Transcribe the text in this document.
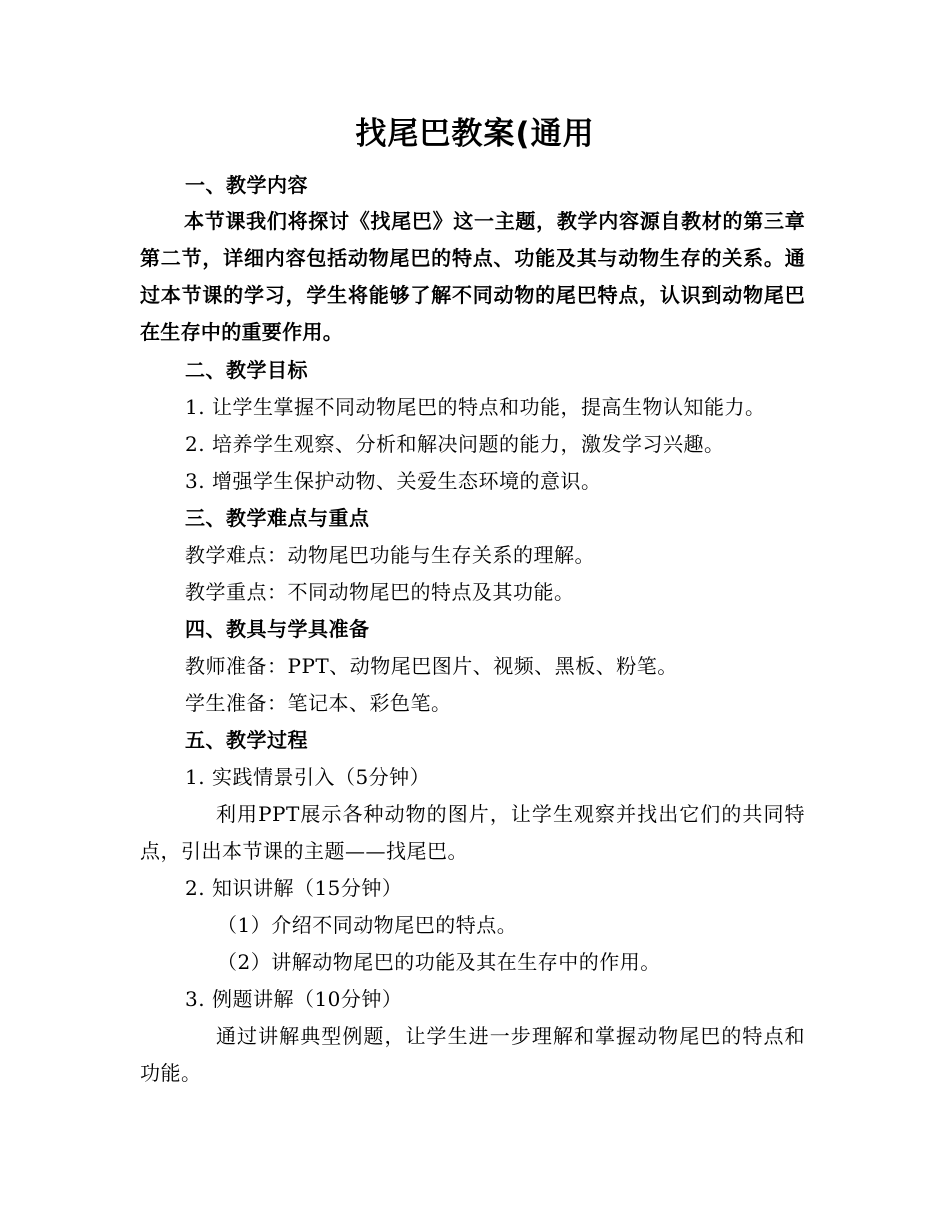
找尾巴教案(通用
一、教学内容
本节课我们将探讨《找尾巴》这一主题，教学内容源自教材的第三章第二节，详细内容包括动物尾巴的特点、功能及其与动物生存的关系。通过本节课的学习，学生将能够了解不同动物的尾巴特点，认识到动物尾巴在生存中的重要作用。
二、教学目标
1. 让学生掌握不同动物尾巴的特点和功能，提高生物认知能力。
2. 培养学生观察、分析和解决问题的能力，激发学习兴趣。
3. 增强学生保护动物、关爱生态环境的意识。
三、教学难点与重点
教学难点：动物尾巴功能与生存关系的理解。
教学重点：不同动物尾巴的特点及其功能。
四、教具与学具准备
教师准备：PPT、动物尾巴图片、视频、黑板、粉笔。
学生准备：笔记本、彩色笔。
五、教学过程
1. 实践情景引入（5分钟）
利用PPT展示各种动物的图片，让学生观察并找出它们的共同特点，引出本节课的主题——找尾巴。
2. 知识讲解（15分钟）
（1）介绍不同动物尾巴的特点。
（2）讲解动物尾巴的功能及其在生存中的作用。
3. 例题讲解（10分钟）
通过讲解典型例题，让学生进一步理解和掌握动物尾巴的特点和功能。
